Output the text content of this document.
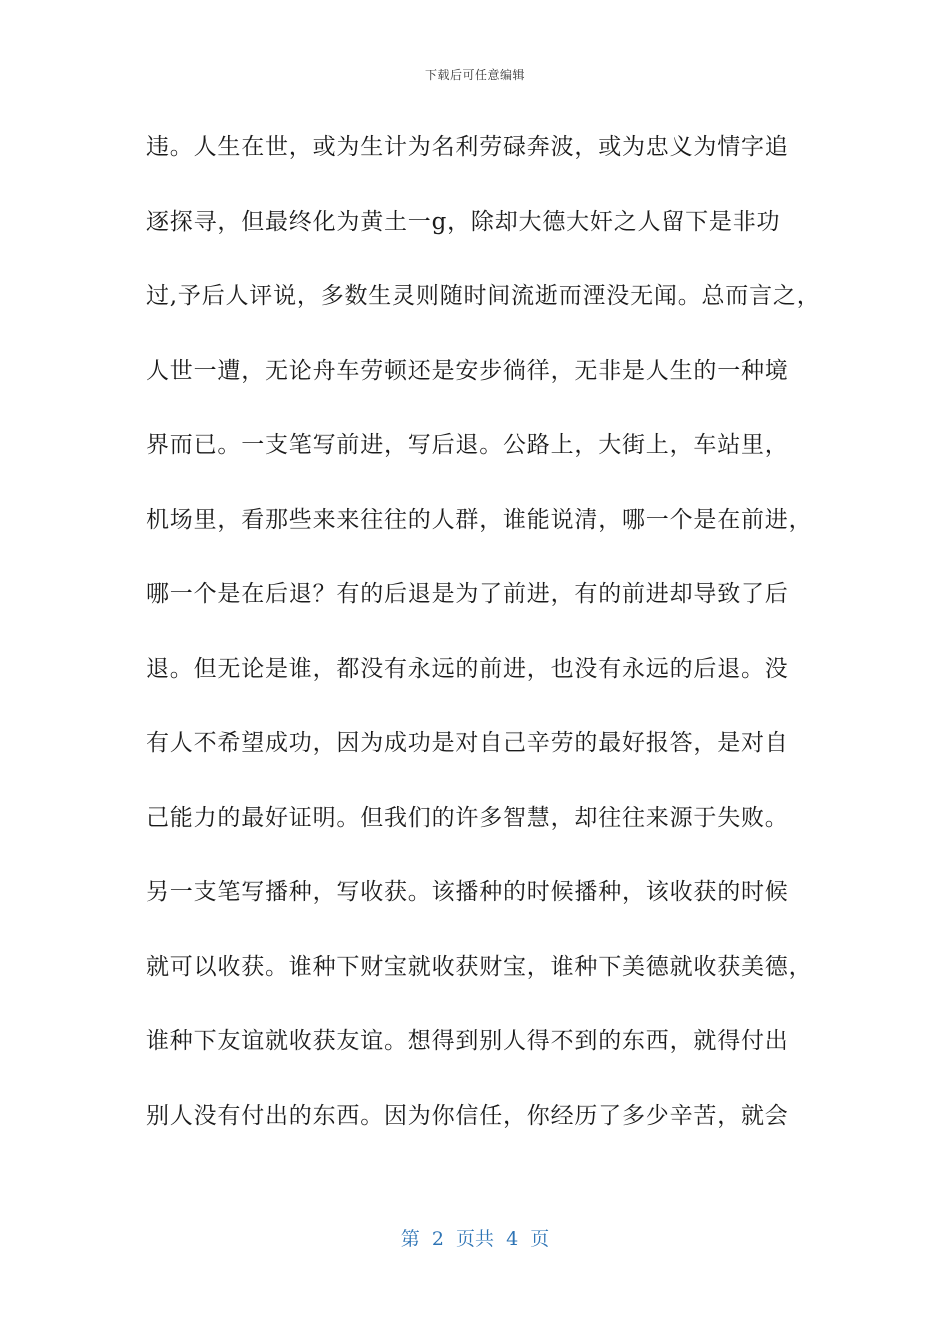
下载后可任意编辑
违。人生在世，或为生计为名利劳碌奔波，或为忠义为情字追
逐探寻，但最终化为黄土一g，除却大德大奸之人留下是非功
过,予后人评说，多数生灵则随时间流逝而湮没无闻。总而言之，
人世一遭，无论舟车劳顿还是安步徜徉，无非是人生的一种境
界而已。一支笔写前进，写后退。公路上，大街上，车站里，
机场里，看那些来来往往的人群，谁能说清，哪一个是在前进，
哪一个是在后退？有的后退是为了前进，有的前进却导致了后
退。但无论是谁，都没有永远的前进，也没有永远的后退。没
有人不希望成功，因为成功是对自己辛劳的最好报答，是对自
己能力的最好证明。但我们的许多智慧，却往往来源于失败。
另一支笔写播种，写收获。该播种的时候播种，该收获的时候
就可以收获。谁种下财宝就收获财宝，谁种下美德就收获美德，
谁种下友谊就收获友谊。想得到别人得不到的东西，就得付出
别人没有付出的东西。因为你信任，你经历了多少辛苦，就会
第  2  页共  4  页
